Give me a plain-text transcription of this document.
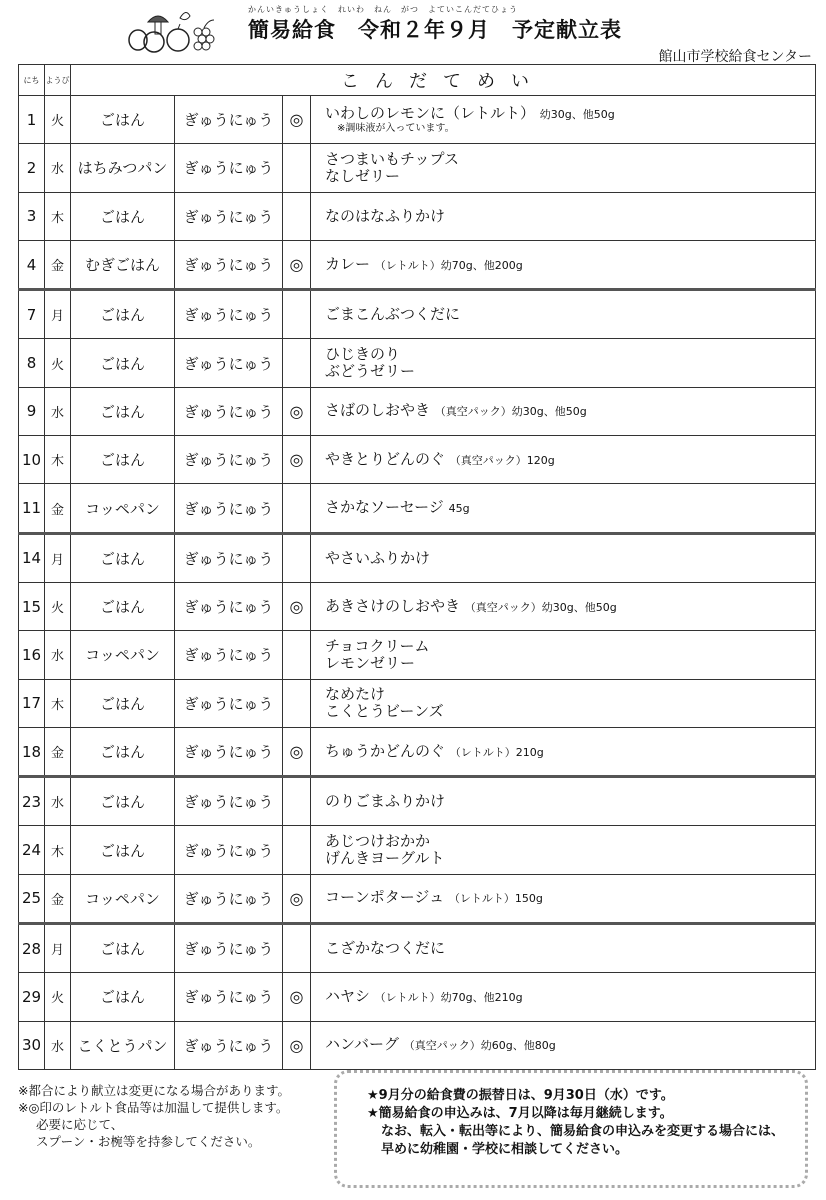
かんいきゅうしょく　れいわ　ねん　がつ　よていこんだてひょう
簡易給食　令和２年９月　予定献立表
館山市学校給食センター
にち	ようび	こんだてめい			
1	火	ごはん	ぎゅうにゅう	◎	いわしのレモンに（レトルト） 幼30g、他50g
※調味液が入っています。

2	水	はちみつパン	ぎゅうにゅう		さつまいもチップス
なしゼリー

3	木	ごはん	ぎゅうにゅう		なのはなふりかけ

4	金	むぎごはん	ぎゅうにゅう	◎	カレー （レトルト）幼70g、他200g

7	月	ごはん	ぎゅうにゅう		ごまこんぶつくだに

8	火	ごはん	ぎゅうにゅう		ひじきのり
ぶどうゼリー

9	水	ごはん	ぎゅうにゅう	◎	さばのしおやき （真空パック）幼30g、他50g

10	木	ごはん	ぎゅうにゅう	◎	やきとりどんのぐ （真空パック）120g

11	金	コッペパン	ぎゅうにゅう		さかなソーセージ 45g

14	月	ごはん	ぎゅうにゅう		やさいふりかけ

15	火	ごはん	ぎゅうにゅう	◎	あきさけのしおやき （真空パック）幼30g、他50g

16	水	コッペパン	ぎゅうにゅう		チョコクリーム
レモンゼリー

17	木	ごはん	ぎゅうにゅう		なめたけ
こくとうビーンズ

18	金	ごはん	ぎゅうにゅう	◎	ちゅうかどんのぐ （レトルト）210g

23	水	ごはん	ぎゅうにゅう		のりごまふりかけ

24	木	ごはん	ぎゅうにゅう		あじつけおかか
げんきヨーグルト

25	金	コッペパン	ぎゅうにゅう	◎	コーンポタージュ （レトルト）150g

28	月	ごはん	ぎゅうにゅう		こざかなつくだに

29	火	ごはん	ぎゅうにゅう	◎	ハヤシ （レトルト）幼70g、他210g

30	水	こくとうパン	ぎゅうにゅう	◎	ハンバーグ （真空パック）幼60g、他80g
※都合により献立は変更になる場合があります。
※◎印のレトルト食品等は加温して提供します。
必要に応じて、
スプーン・お椀等を持参してください。
★9月分の給食費の振替日は、9月30日（水）です。
★簡易給食の申込みは、7月以降は毎月継続します。
なお、転入・転出等により、簡易給食の申込みを変更する場合には、
早めに幼稚園・学校に相談してください。
